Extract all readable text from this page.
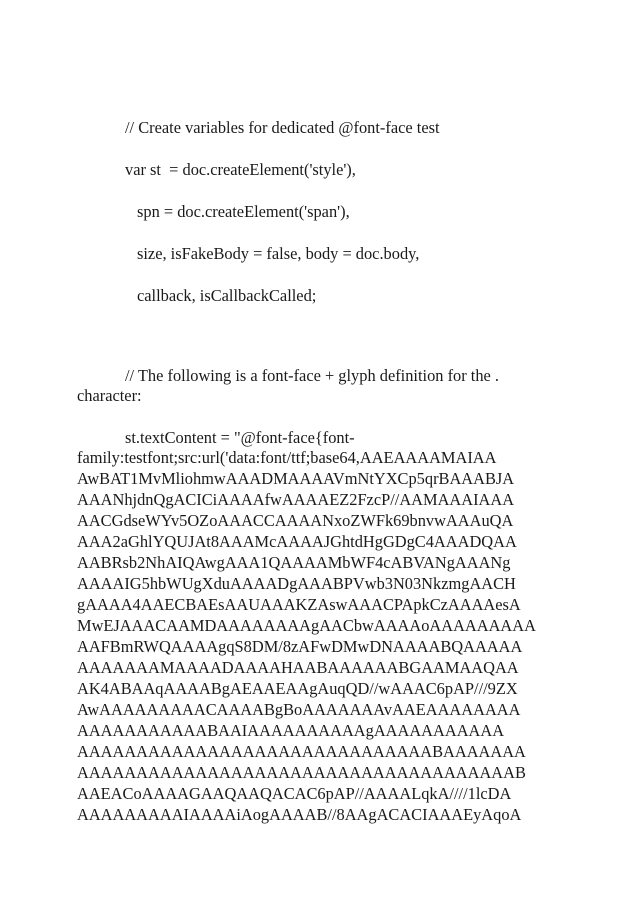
// Create variables for dedicated @font-face test
var st  = doc.createElement('style'),
spn = doc.createElement('span'),
size, isFakeBody = false, body = doc.body,
callback, isCallbackCalled;
// The following is a font-face + glyph definition for the .
character:
st.textContent = "@font-face{font-
family:testfont;src:url('data:font/ttf;base64,AAEAAAAMAIAA
AwBAT1MvMliohmwAAADMAAAAVmNtYXCp5qrBAAABJA
AAANhjdnQgACICiAAAAfwAAAAEZ2FzcP//AAMAAAIAAA
AACGdseWYv5OZoAAACCAAAANxoZWFk69bnvwAAAuQA
AAA2aGhlYQUJAt8AAAMcAAAAJGhtdHgGDgC4AAADQAA
AABRsb2NhAIQAwgAAA1QAAAAMbWF4cABVANgAAANg
AAAAIG5hbWUgXduAAAADgAAABPVwb3N03NkzmgAACH
gAAAA4AAECBAEsAAUAAAKZAswAAACPApkCzAAAAesA
MwEJAAACAAMDAAAAAAAAgAACbwAAAAoAAAAAAAAA
AAFBmRWQAAAAgqS8DM/8zAFwDMwDNAAAABQAAAAA
AAAAAAAMAAAADAAAAHAABAAAAAABGAAMAAQAA
AK4ABAAqAAAABgAEAAEAAgAuqQD//wAAAC6pAP///9ZX
AwAAAAAAAAACAAAABgBoAAAAAAAvAAEAAAAAAAA
AAAAAAAAAAABAAIAAAAAAAAAAgAAAAAAAAAAA
AAAAAAAAAAAAAAAAAAAAAAAAAAAAAABAAAAAAA
AAAAAAAAAAAAAAAAAAAAAAAAAAAAAAAAAAAAAB
AAEACoAAAAGAAQAAQACAC6pAP//AAAALqkA////1lcDA
AAAAAAAAAIAAAAiAogAAAAB//8AAgACACIAAAEyAqoA
